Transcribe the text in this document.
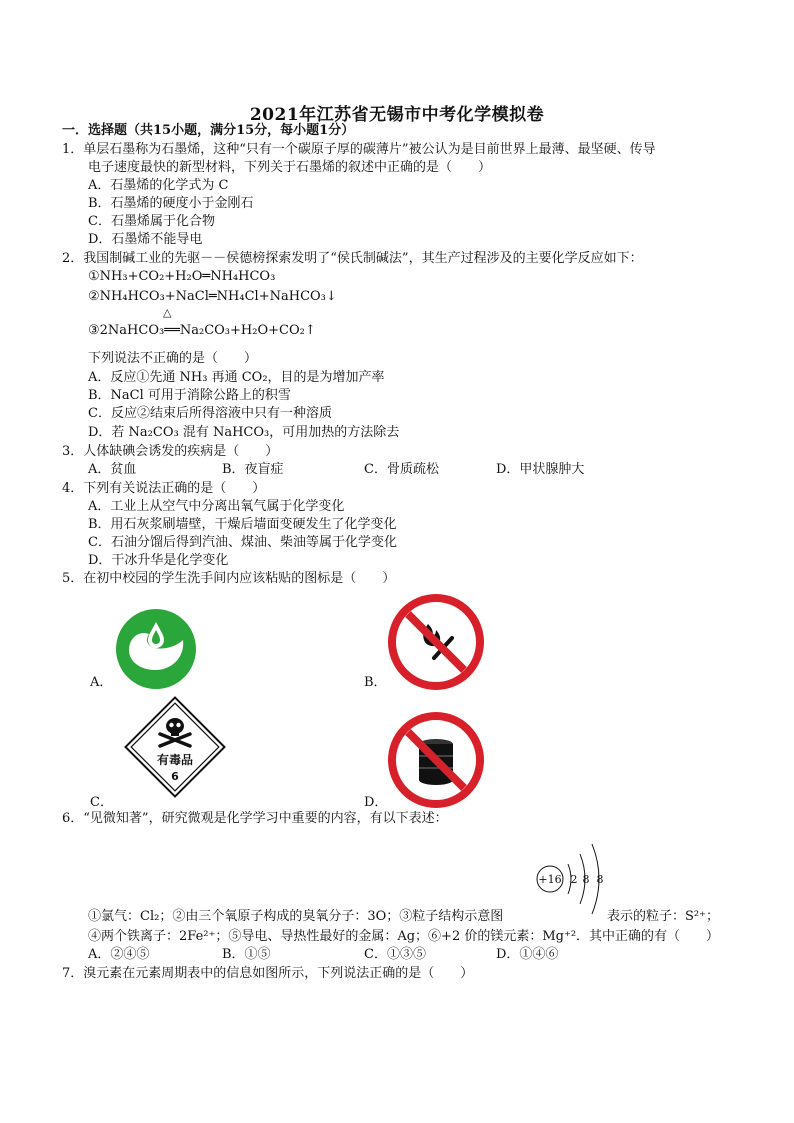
2021年江苏省无锡市中考化学模拟卷
一．选择题（共15小题，满分15分，每小题1分）
1．单层石墨称为石墨烯，这种“只有一个碳原子厚的碳薄片”被公认为是目前世界上最薄、最坚硬、传导
电子速度最快的新型材料，下列关于石墨烯的叙述中正确的是（　　）
A．石墨烯的化学式为 C
B．石墨烯的硬度小于金刚石
C．石墨烯属于化合物
D．石墨烯不能导电
2．我国制碱工业的先驱－－侯德榜探索发明了“侯氏制碱法”，其生产过程涉及的主要化学反应如下：
①NH₃+CO₂+H₂O═NH₄HCO₃
②NH₄HCO₃+NaCl═NH₄Cl+NaHCO₃↓
△
③2NaHCO₃══Na₂CO₃+H₂O+CO₂↑
下列说法不正确的是（　　）
A．反应①先通 NH₃ 再通 CO₂，目的是为增加产率
B．NaCl 可用于消除公路上的积雪
C．反应②结束后所得溶液中只有一种溶质
D．若 Na₂CO₃ 混有 NaHCO₃，可用加热的方法除去
3．人体缺碘会诱发的疾病是（　　）
A．贫血	B．夜盲症	C．骨质疏松	D．甲状腺肿大
4．下列有关说法正确的是（　　）
A．工业上从空气中分离出氧气属于化学变化
B．用石灰浆刷墙壁，干燥后墙面变硬发生了化学变化
C．石油分馏后得到汽油、煤油、柴油等属于化学变化
D．干冰升华是化学变化
5．在初中校园的学生洗手间内应该粘贴的图标是（　　）
A．	B．
有毒品
6
C．	D．
6．“见微知著”，研究微观是化学学习中重要的内容，有以下表述：
+16 2 8 8
①氯气：Cl₂；②由三个氧原子构成的臭氧分子：3O；③粒子结构示意图	表示的粒子：S²⁺；
④两个铁离子：2Fe²⁺；⑤导电、导热性最好的金属：Ag；⑥+2 价的镁元素：Mg⁺²．其中正确的有（　　）
A．②④⑤	B．①⑤	C．①③⑤	D．①④⑥
7．溴元素在元素周期表中的信息如图所示，下列说法正确的是（　　）
